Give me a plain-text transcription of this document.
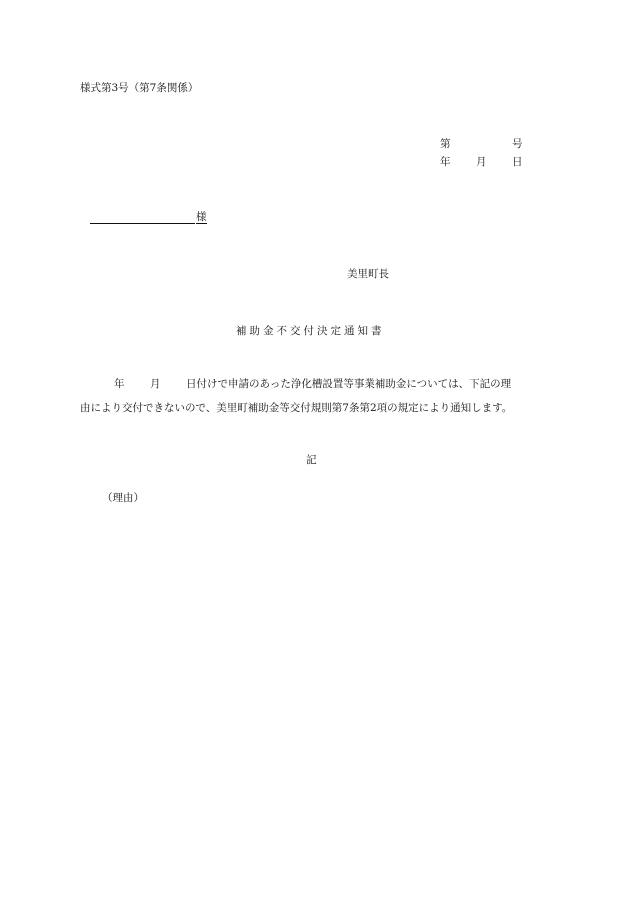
様式第3号（第7条関係）
第	号
年 月 日
様
美里町長
補助金不交付決定通知書
年 月 日付けで申請のあった浄化槽設置等事業補助金については、下記の理
由により交付できないので、美里町補助金等交付規則第7条第2項の規定により通知します。
記
（理由）
